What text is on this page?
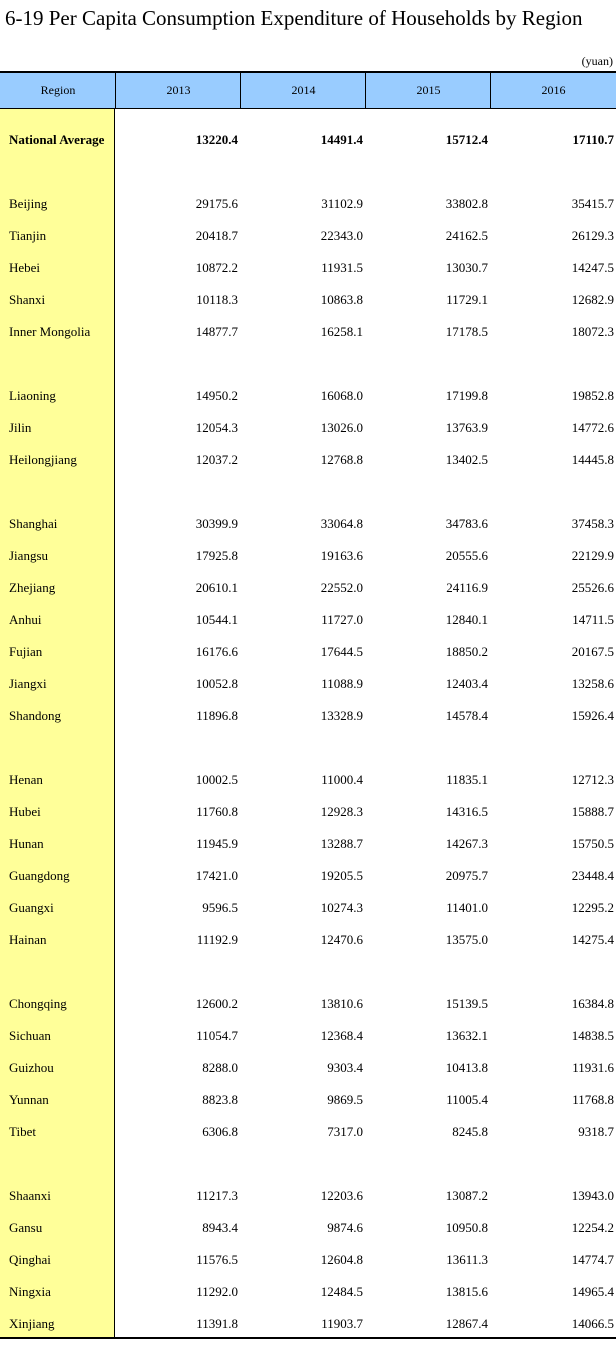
6-19 Per Capita Consumption Expenditure of Households by Region
(yuan)
Region	2013	2014	2015	2016
National Average	13220.4	14491.4	15712.4	17110.7
Beijing	29175.6	31102.9	33802.8	35415.7
Tianjin	20418.7	22343.0	24162.5	26129.3
Hebei	10872.2	11931.5	13030.7	14247.5
Shanxi	10118.3	10863.8	11729.1	12682.9
Inner Mongolia	14877.7	16258.1	17178.5	18072.3
Liaoning	14950.2	16068.0	17199.8	19852.8
Jilin	12054.3	13026.0	13763.9	14772.6
Heilongjiang	12037.2	12768.8	13402.5	14445.8
Shanghai	30399.9	33064.8	34783.6	37458.3
Jiangsu	17925.8	19163.6	20555.6	22129.9
Zhejiang	20610.1	22552.0	24116.9	25526.6
Anhui	10544.1	11727.0	12840.1	14711.5
Fujian	16176.6	17644.5	18850.2	20167.5
Jiangxi	10052.8	11088.9	12403.4	13258.6
Shandong	11896.8	13328.9	14578.4	15926.4
Henan	10002.5	11000.4	11835.1	12712.3
Hubei	11760.8	12928.3	14316.5	15888.7
Hunan	11945.9	13288.7	14267.3	15750.5
Guangdong	17421.0	19205.5	20975.7	23448.4
Guangxi	9596.5	10274.3	11401.0	12295.2
Hainan	11192.9	12470.6	13575.0	14275.4
Chongqing	12600.2	13810.6	15139.5	16384.8
Sichuan	11054.7	12368.4	13632.1	14838.5
Guizhou	8288.0	9303.4	10413.8	11931.6
Yunnan	8823.8	9869.5	11005.4	11768.8
Tibet	6306.8	7317.0	8245.8	9318.7
Shaanxi	11217.3	12203.6	13087.2	13943.0
Gansu	8943.4	9874.6	10950.8	12254.2
Qinghai	11576.5	12604.8	13611.3	14774.7
Ningxia	11292.0	12484.5	13815.6	14965.4
Xinjiang	11391.8	11903.7	12867.4	14066.5
